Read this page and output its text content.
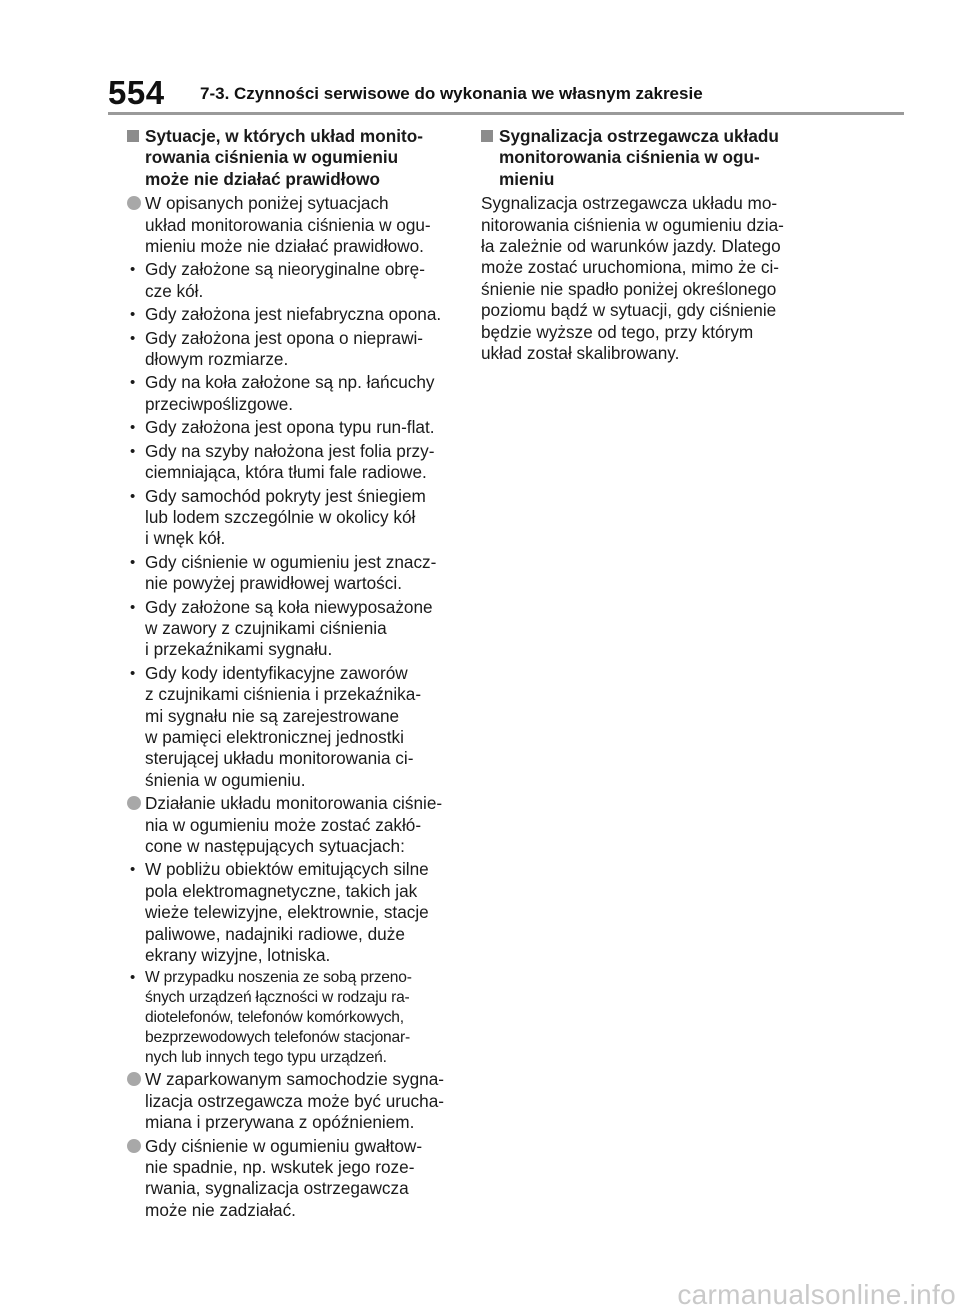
554 7-3. Czynności serwisowe do wykonania we własnym zakresie
Sytuacje, w których układ monito-
rowania ciśnienia w ogumieniu
może nie działać prawidłowo
W opisanych poniżej sytuacjach
układ monitorowania ciśnienia w ogu-
mieniu może nie działać prawidłowo.
• Gdy założone są nieoryginalne obrę-
cze kół.
• Gdy założona jest niefabryczna opona.
• Gdy założona jest opona o nieprawi-
dłowym rozmiarze.
• Gdy na koła założone są np. łańcuchy
przeciwpoślizgowe.
• Gdy założona jest opona typu run-flat.
• Gdy na szyby nałożona jest folia przy-
ciemniająca, która tłumi fale radiowe.
• Gdy samochód pokryty jest śniegiem
lub lodem szczególnie w okolicy kół
i wnęk kół.
• Gdy ciśnienie w ogumieniu jest znacz-
nie powyżej prawidłowej wartości.
• Gdy założone są koła niewyposażone
w zawory z czujnikami ciśnienia
i przekaźnikami sygnału.
• Gdy kody identyfikacyjne zaworów
z czujnikami ciśnienia i przekaźnika-
mi sygnału nie są zarejestrowane
w pamięci elektronicznej jednostki
sterującej układu monitorowania ci-
śnienia w ogumieniu.
Działanie układu monitorowania ciśnie-
nia w ogumieniu może zostać zakłó-
cone w następujących sytuacjach:
• W pobliżu obiektów emitujących silne
pola elektromagnetyczne, takich jak
wieże telewizyjne, elektrownie, stacje
paliwowe, nadajniki radiowe, duże
ekrany wizyjne, lotniska.
• W przypadku noszenia ze sobą przeno-
śnych urządzeń łączności w rodzaju ra-
diotelefonów, telefonów komórkowych,
bezprzewodowych telefonów stacjonar-
nych lub innych tego typu urządzeń.
W zaparkowanym samochodzie sygna-
lizacja ostrzegawcza może być urucha-
miana i przerywana z opóźnieniem.
Gdy ciśnienie w ogumieniu gwałtow-
nie spadnie, np. wskutek jego roze-
rwania, sygnalizacja ostrzegawcza
może nie zadziałać.
Sygnalizacja ostrzegawcza układu
monitorowania ciśnienia w ogu-
mieniu

Sygnalizacja ostrzegawcza układu mo-
nitorowania ciśnienia w ogumieniu dzia-
ła zależnie od warunków jazdy. Dlatego
może zostać uruchomiona, mimo że ci-
śnienie nie spadło poniżej określonego
poziomu bądź w sytuacji, gdy ciśnienie
będzie wyższe od tego, przy którym
układ został skalibrowany.

carmanualsonline.info
